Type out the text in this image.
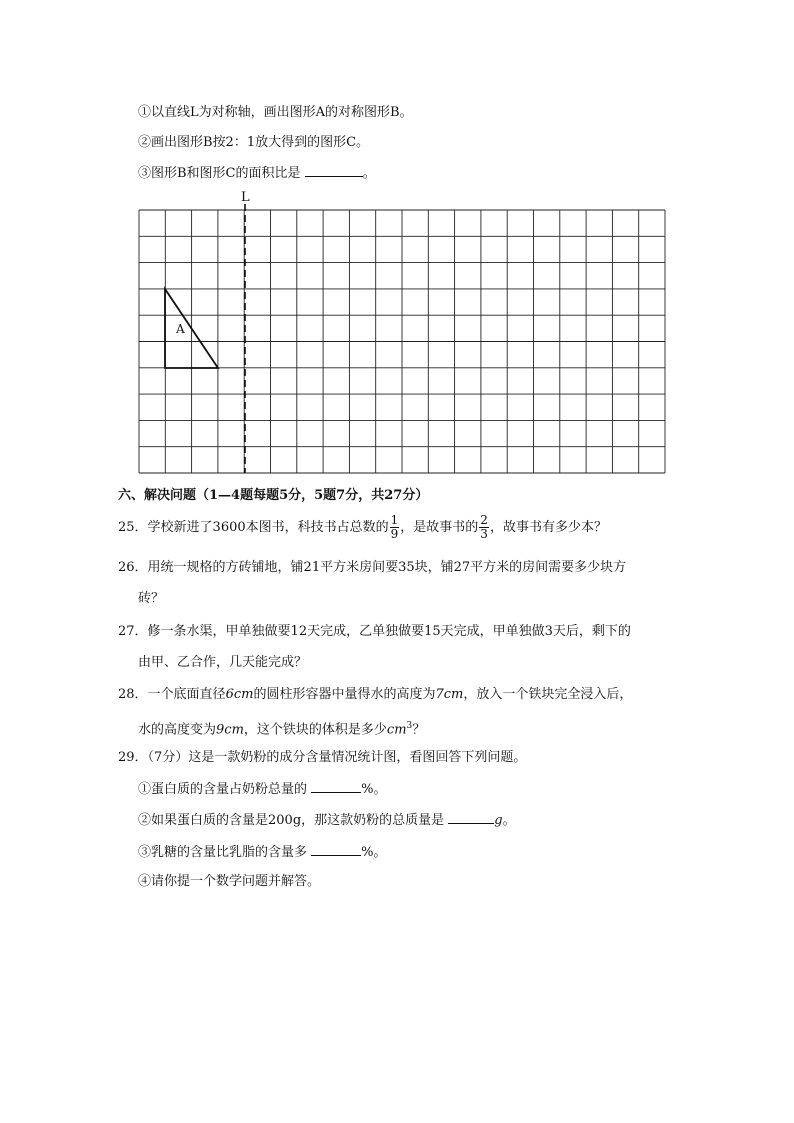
①以直线L为对称轴，画出图形A的对称图形B。
②画出图形B按2：1放大得到的图形C。
③图形B和图形C的面积比是	。
L
A
六、解决问题（1—4题每题5分，5题7分，共27分）
25．学校新进了3600本图书，科技书占总数的 $\frac{1}{9}$ ，是故事书的 $\frac{2}{3}$ ，故事书有多少本？
26．用统一规格的方砖铺地，铺21平方米房间要35块，铺27平方米的房间需要多少块方
砖？
27．修一条水渠，甲单独做要12天完成，乙单独做要15天完成，甲单独做3天后，剩下的
由甲、乙合作，几天能完成？
28．一个底面直径6cm的圆柱形容器中量得水的高度为7cm，放入一个铁块完全浸入后，
水的高度变为9cm，这个铁块的体积是多少$cm^3$？
29．（7分）这是一款奶粉的成分含量情况统计图，看图回答下列问题。
①蛋白质的含量占奶粉总量的	%。
②如果蛋白质的含量是200g，那这款奶粉的总质量是	g。
③乳糖的含量比乳脂的含量多	%。
④请你提一个数学问题并解答。
